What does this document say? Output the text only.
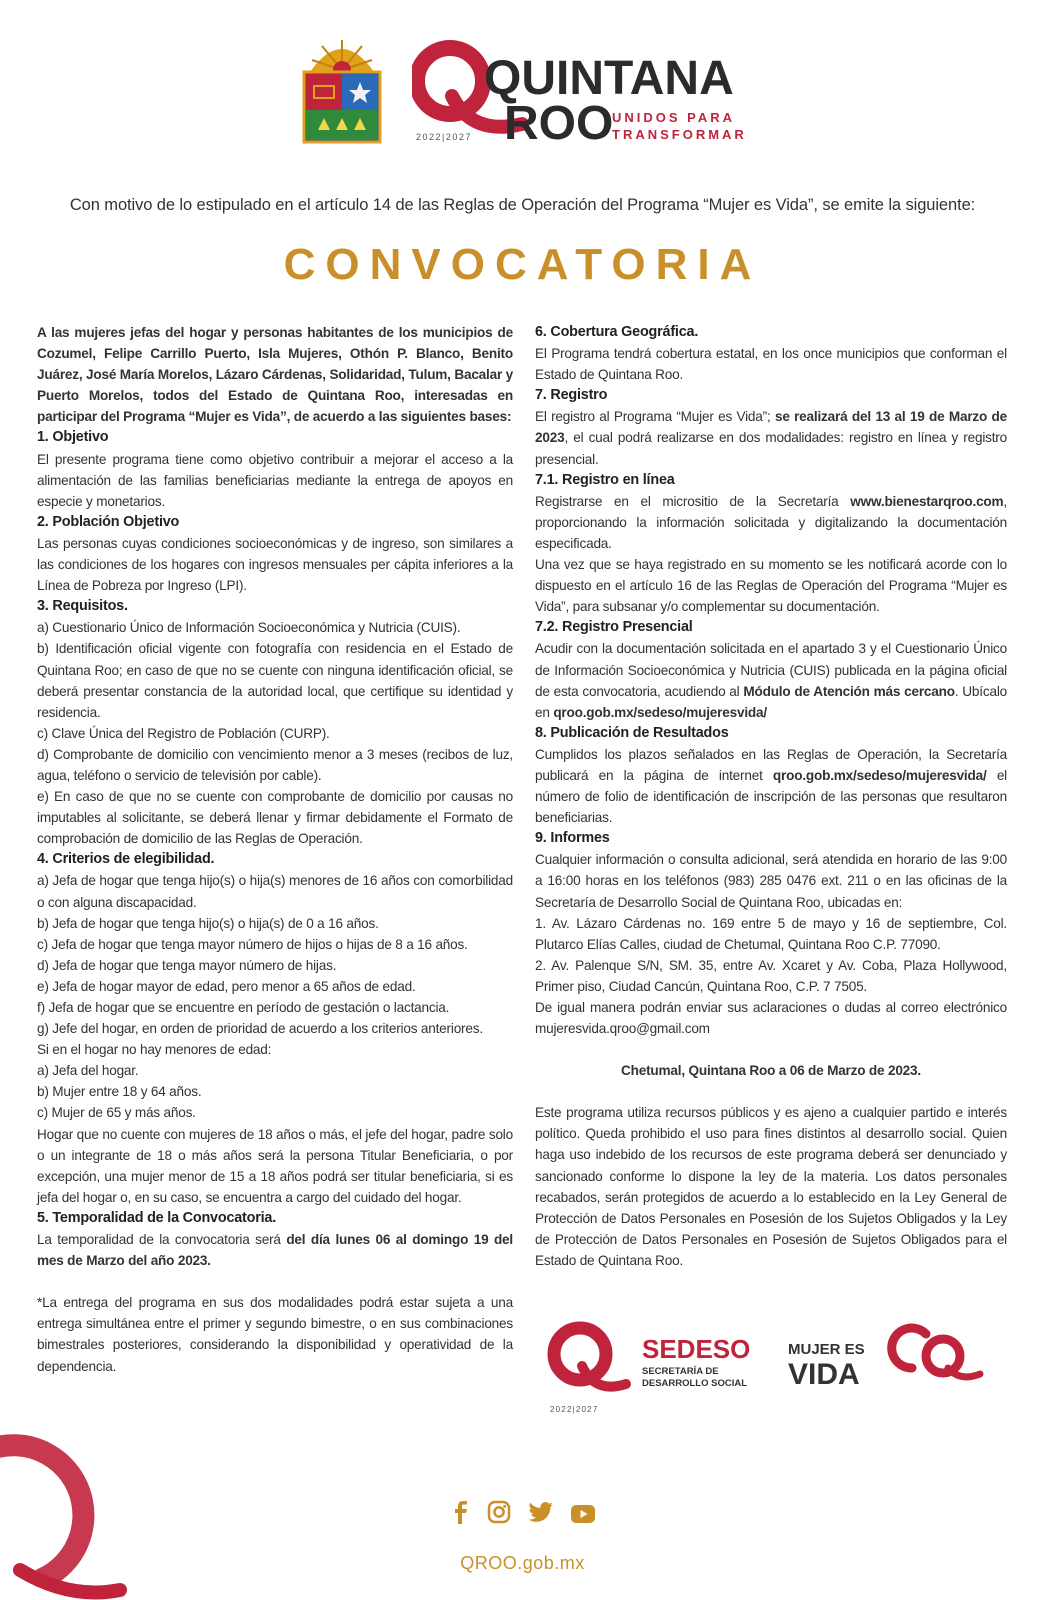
QUINTANA
ROO
UNIDOS PARA
TRANSFORMAR
2022|2027
Con motivo de lo estipulado en el artículo 14 de las Reglas de Operación del Programa “Mujer es Vida”, se emite la siguiente:
CONVOCATORIA

A las mujeres jefas del hogar y personas habitantes de los municipios de Cozumel, Felipe Carrillo Puerto, Isla Mujeres, Othón P. Blanco, Benito Juárez, José María Morelos, Lázaro Cárdenas, Solidaridad, Tulum, Bacalar y Puerto Morelos, todos del Estado de Quintana Roo, interesadas en participar del Programa “Mujer es Vida”, de acuerdo a las siguientes bases:

1. Objetivo

El presente programa tiene como objetivo contribuir a mejorar el acceso a la alimentación de las familias beneficiarias mediante la entrega de apoyos en especie y monetarios.

2. Población Objetivo

Las personas cuyas condiciones socioeconómicas y de ingreso, son similares a las condiciones de los hogares con ingresos mensuales per cápita inferiores a la Línea de Pobreza por Ingreso (LPI).

3. Requisitos.

a) Cuestionario Único de Información Socioeconómica y Nutricia (CUIS).

b) Identificación oficial vigente con fotografía con residencia en el Estado de Quintana Roo; en caso de que no se cuente con ninguna identificación oficial, se deberá presentar constancia de la autoridad local, que certifique su identidad y residencia.

c) Clave Única del Registro de Población (CURP).

d) Comprobante de domicilio con vencimiento menor a 3 meses (recibos de luz, agua, teléfono o servicio de televisión por cable).

e) En caso de que no se cuente con comprobante de domicilio por causas no imputables al solicitante, se deberá llenar y firmar debidamente el Formato de comprobación de domicilio de las Reglas de Operación.

4. Criterios de elegibilidad.

a) Jefa de hogar que tenga hijo(s) o hija(s) menores de 16 años con comorbilidad o con alguna discapacidad.

b) Jefa de hogar que tenga hijo(s) o hija(s) de 0 a 16 años.

c) Jefa de hogar que tenga mayor número de hijos o hijas de 8 a 16 años.

d) Jefa de hogar que tenga mayor número de hijas.

e) Jefa de hogar mayor de edad, pero menor a 65 años de edad.

f) Jefa de hogar que se encuentre en período de gestación o lactancia.

g) Jefe del hogar, en orden de prioridad de acuerdo a los criterios anteriores.

Si en el hogar no hay menores de edad:

a) Jefa del hogar.

b) Mujer entre 18 y 64 años.

c) Mujer de 65 y más años.

Hogar que no cuente con mujeres de 18 años o más, el jefe del hogar, padre solo o un integrante de 18 o más años será la persona Titular Beneficiaria, o por excepción, una mujer menor de 15 a 18 años podrá ser titular beneficiaria, si es jefa del hogar o, en su caso, se encuentra a cargo del cuidado del hogar.

5. Temporalidad de la Convocatoria.

La temporalidad de la convocatoria será del día lunes 06 al domingo 19 del mes de Marzo del año 2023.

*La entrega del programa en sus dos modalidades podrá estar sujeta a una entrega simultánea entre el primer y segundo bimestre, o en sus combinaciones bimestrales posteriores, considerando la disponibilidad y operatividad de la dependencia.

6. Cobertura Geográfica.

El Programa tendrá cobertura estatal, en los once municipios que conforman el Estado de Quintana Roo.

7. Registro

El registro al Programa “Mujer es Vida”; se realizará del 13 al 19 de Marzo de 2023, el cual podrá realizarse en dos modalidades: registro en línea y registro presencial.

7.1. Registro en línea

Registrarse en el micrositio de la Secretaría www.bienestarqroo.com, proporcionando la información solicitada y digitalizando la documentación especificada.

Una vez que se haya registrado en su momento se les notificará acorde con lo dispuesto en el artículo 16 de las Reglas de Operación del Programa “Mujer es Vida”, para subsanar y/o complementar su documentación.

7.2. Registro Presencial

Acudir con la documentación solicitada en el apartado 3 y el Cuestionario Único de Información Socioeconómica y Nutricia (CUIS) publicada en la página oficial de esta convocatoria, acudiendo al Módulo de Atención más cercano. Ubícalo en qroo.gob.mx/sedeso/mujeresvida/

8. Publicación de Resultados

Cumplidos los plazos señalados en las Reglas de Operación, la Secretaría publicará en la página de internet qroo.gob.mx/sedeso/mujeresvida/ el número de folio de identificación de inscripción de las personas que resultaron beneficiarias.

9. Informes

Cualquier información o consulta adicional, será atendida en horario de las 9:00 a 16:00 horas en los teléfonos (983) 285 0476 ext. 211 o en las oficinas de la Secretaría de Desarrollo Social de Quintana Roo, ubicadas en:

1. Av. Lázaro Cárdenas no. 169 entre 5 de mayo y 16 de septiembre, Col. Plutarco Elías Calles, ciudad de Chetumal, Quintana Roo C.P. 77090.

2. Av. Palenque S/N, SM. 35, entre Av. Xcaret y Av. Coba, Plaza Hollywood, Primer piso, Ciudad Cancún, Quintana Roo, C.P. 7 7505.

De igual manera podrán enviar sus aclaraciones o dudas al correo electrónico mujeresvida.qroo@gmail.com

Chetumal, Quintana Roo a 06 de Marzo de 2023.

Este programa utiliza recursos públicos y es ajeno a cualquier partido e interés político. Queda prohibido el uso para fines distintos al desarrollo social. Quien haga uso indebido de los recursos de este programa deberá ser denunciado y sancionado conforme lo dispone la ley de la materia. Los datos personales recabados, serán protegidos de acuerdo a lo establecido en la Ley General de Protección de Datos Personales en Posesión de los Sujetos Obligados y la Ley de Protección de Datos Personales en Posesión de Sujetos Obligados para el Estado de Quintana Roo.

2022|2027
SEDESO
SECRETARÍA DE
DESARROLLO SOCIAL
MUJER ES
VIDA

QROO.gob.mx
